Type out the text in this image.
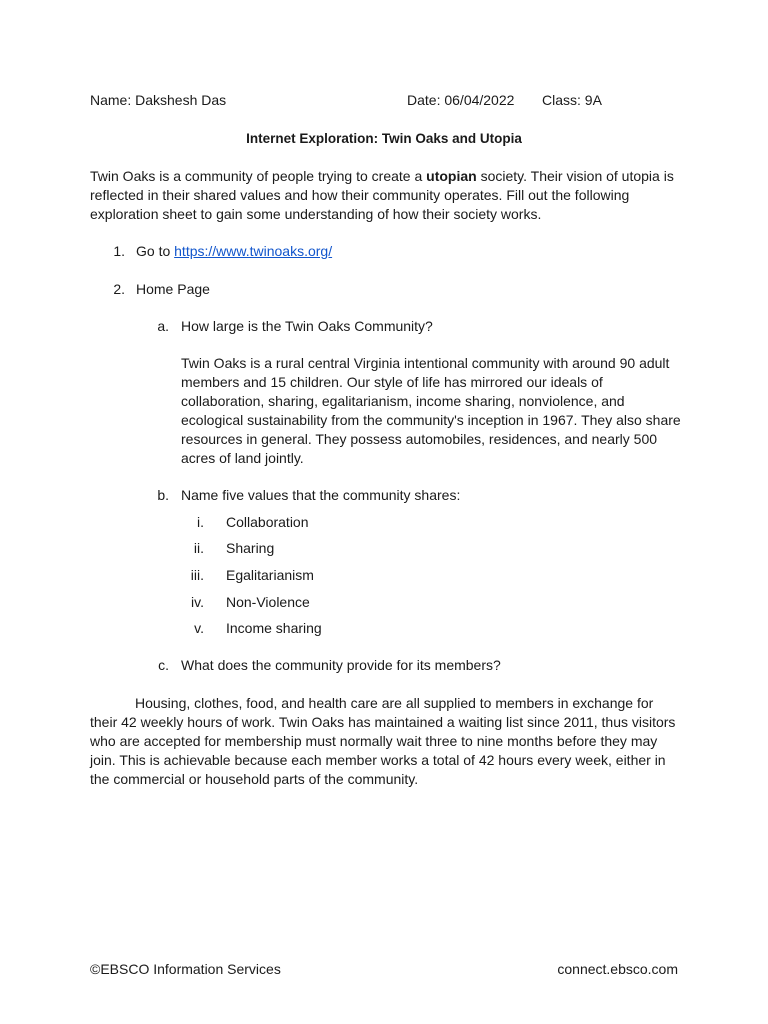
Name: Dakshesh Das	Date: 06/04/2022 Class: 9A
Internet Exploration: Twin Oaks and Utopia
Twin Oaks is a community of people trying to create a utopian society. Their vision of utopia is reflected in their shared values and how their community operates. Fill out the following exploration sheet to gain some understanding of how their society works.
1. Go to https://www.twinoaks.org/
2. Home Page
a. How large is the Twin Oaks Community?
Twin Oaks is a rural central Virginia intentional community with around 90 adult members and 15 children. Our style of life has mirrored our ideals of collaboration, sharing, egalitarianism, income sharing, nonviolence, and ecological sustainability from the community's inception in 1967. They also share resources in general. They possess automobiles, residences, and nearly 500 acres of land jointly.
b. Name five values that the community shares:
i. Collaboration
ii. Sharing
iii. Egalitarianism
iv. Non-Violence
v. Income sharing
c. What does the community provide for its members?
Housing, clothes, food, and health care are all supplied to members in exchange for their 42 weekly hours of work. Twin Oaks has maintained a waiting list since 2011, thus visitors who are accepted for membership must normally wait three to nine months before they may join. This is achievable because each member works a total of 42 hours every week, either in the commercial or household parts of the community.
©EBSCO Information Services	connect.ebsco.com
